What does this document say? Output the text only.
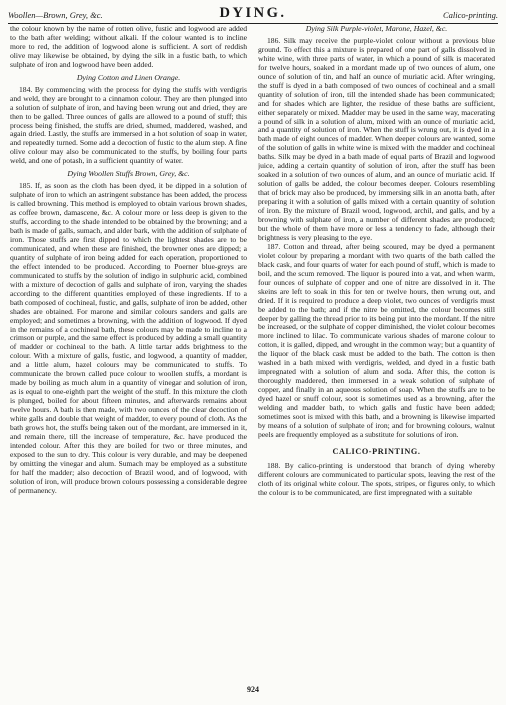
Woollen—Brown, Grey, &c.	DYING.	Calico-printing.

the colour known by the name of rotten olive, fustic and logwood are added to the bath after welding; without alkali. If the colour wanted is to incline more to red, the addition of logwood alone is sufficient. A sort of reddish olive may likewise be obtained, by dying the silk in a fustic bath, to which sulphate of iron and logwood have been added.

Dying Cotton and Linen Orange.

184. By commencing with the process for dying the stuffs with verdigris and weld, they are brought to a cinnamon colour. They are then plunged into a solution of sulphate of iron, and having been wrung out and dried, they are then to be galled. Three ounces of galls are allowed to a pound of stuff; this process being finished, the stuffs are dried, shumed, maddered, washed, and again dried. Lastly, the stuffs are immersed in a hot solution of soap in water, and repeatedly turned. Some add a decoction of fustic to the alum step. A fine olive colour may also be communicated to the stuffs, by boiling four parts weld, and one of potash, in a sufficient quantity of water.

Dying Woollen Stuffs Brown, Grey, &c.

185. If, as soon as the cloth has been dyed, it be dipped in a solution of sulphate of iron to which an astringent substance has been added, the process is called browning. This method is employed to obtain various brown shades, as coffee brown, damascene, &c. A colour more or less deep is given to the stuffs, according to the shade intended to be obtained by the browning; and a bath is made of galls, sumach, and alder bark, with the addition of sulphate of iron. Those stuffs are first dipped to which the lightest shades are to be communicated, and when these are finished, the browner ones are dipped; a quantity of sulphate of iron being added for each operation, proportioned to the effect intended to be produced. According to Poerner blue-greys are communicated to stuffs by the solution of indigo in sulphuric acid, combined with a mixture of decoction of galls and sulphate of iron, varying the shades according to the different quantities employed of these ingredients. If to a bath composed of cochineal, fustic, and galls, sulphate of iron be added, other shades are obtained. For marone and similar colours sanders and galls are employed; and sometimes a browning, with the addition of logwood. If dyed in the remains of a cochineal bath, these colours may be made to incline to a crimson or purple, and the same effect is produced by adding a small quantity of madder or cochineal to the bath. A little tartar adds brightness to the colour. With a mixture of galls, fustic, and logwood, a quantity of madder, and a little alum, hazel colours may be communicated to stuffs. To communicate the brown called puce colour to woollen stuffs, a mordant is made by boiling as much alum in a quantity of vinegar and solution of iron, as is equal to one-eighth part the weight of the stuff. In this mixture the cloth is plunged, boiled for about fifteen minutes, and afterwards remains about twelve hours. A bath is then made, with two ounces of the clear decoction of white galls and double that weight of madder, to every pound of cloth. As the bath grows hot, the stuffs being taken out of the mordant, are immersed in it, and remain there, till the increase of temperature, &c. have produced the intended colour. After this they are boiled for two or three minutes, and exposed to the sun to dry. This colour is very durable, and may be deepened by omitting the vinegar and alum. Sumach may be employed as a substitute for half the madder; also decoction of Brazil wood, and of logwood, with solution of iron, will produce brown colours possessing a considerable degree of permanency.

Dying Silk Purple-violet, Marone, Hazel, &c.

186. Silk may receive the purple-violet colour without a previous blue ground. To effect this a mixture is prepared of one part of galls dissolved in white wine, with three parts of water, in which a pound of silk is macerated for twelve hours, soaked in a mordant made up of two ounces of alum, one ounce of solution of tin, and half an ounce of muriatic acid. After wringing, the stuff is dyed in a bath composed of two ounces of cochineal and a small quantity of solution of iron, till the intended shade has been communicated; and for shades which are lighter, the residue of these baths are sufficient, either separately or mixed. Madder may be used in the same way, macerating a pound of silk in a solution of alum, mixed with an ounce of muriatic acid, and a quantity of solution of iron. When the stuff is wrung out, it is dyed in a bath made of eight ounces of madder. When deeper colours are wanted, some of the solution of galls in white wine is mixed with the madder and cochineal baths. Silk may be dyed in a bath made of equal parts of Brazil and logwood juice, adding a certain quantity of solution of iron, after the stuff has been soaked in a solution of two ounces of alum, and an ounce of muriatic acid. If solution of galls be added, the colour becomes deeper. Colours resembling that of brick may also be produced, by immersing silk in an anotta bath, after preparing it with a solution of galls mixed with a certain quantity of solution of iron. By the mixture of Brazil wood, logwood, archil, and galls, and by a browning with sulphate of iron, a number of different shades are produced; but the whole of them have more or less a tendency to fade, although their brightness is very pleasing to the eye.

187. Cotton and thread, after being scoured, may be dyed a permanent violet colour by preparing a mordant with two quarts of the bath called the black cask, and four quarts of water for each pound of stuff, which is made to boil, and the scum removed. The liquor is poured into a vat, and when warm, four ounces of sulphate of copper and one of nitre are dissolved in it. The skeins are left to soak in this for ten or twelve hours, then wrung out, and dried. If it is required to produce a deep violet, two ounces of verdigris must be added to the bath; and if the nitre be omitted, the colour becomes still deeper by galling the thread prior to its being put into the mordant. If the nitre be increased, or the sulphate of copper diminished, the violet colour becomes more inclined to lilac. To communicate various shades of marone colour to cotton, it is galled, dipped, and wrought in the common way; but a quantity of the liquor of the black cask must be added to the bath. The cotton is then washed in a bath mixed with verdigris, welded, and dyed in a fustic bath impregnated with a solution of alum and soda. After this, the cotton is thoroughly maddered, then immersed in a weak solution of sulphate of copper, and finally in an aqueous solution of soap. When the stuffs are to be dyed hazel or snuff colour, soot is sometimes used as a browning, after the welding and madder bath, to which galls and fustic have been added; sometimes soot is mixed with this bath, and a browning is likewise imparted by means of a solution of sulphate of iron; and for browning colours, walnut peels are frequently employed as a substitute for solutions of iron.

CALICO-PRINTING.

188. By calico-printing is understood that branch of dying whereby different colours are communicated to particular spots, leaving the rest of the cloth of its original white colour. The spots, stripes, or figures only, to which the colour is to be communicated, are first impregnated with a suitable

924
